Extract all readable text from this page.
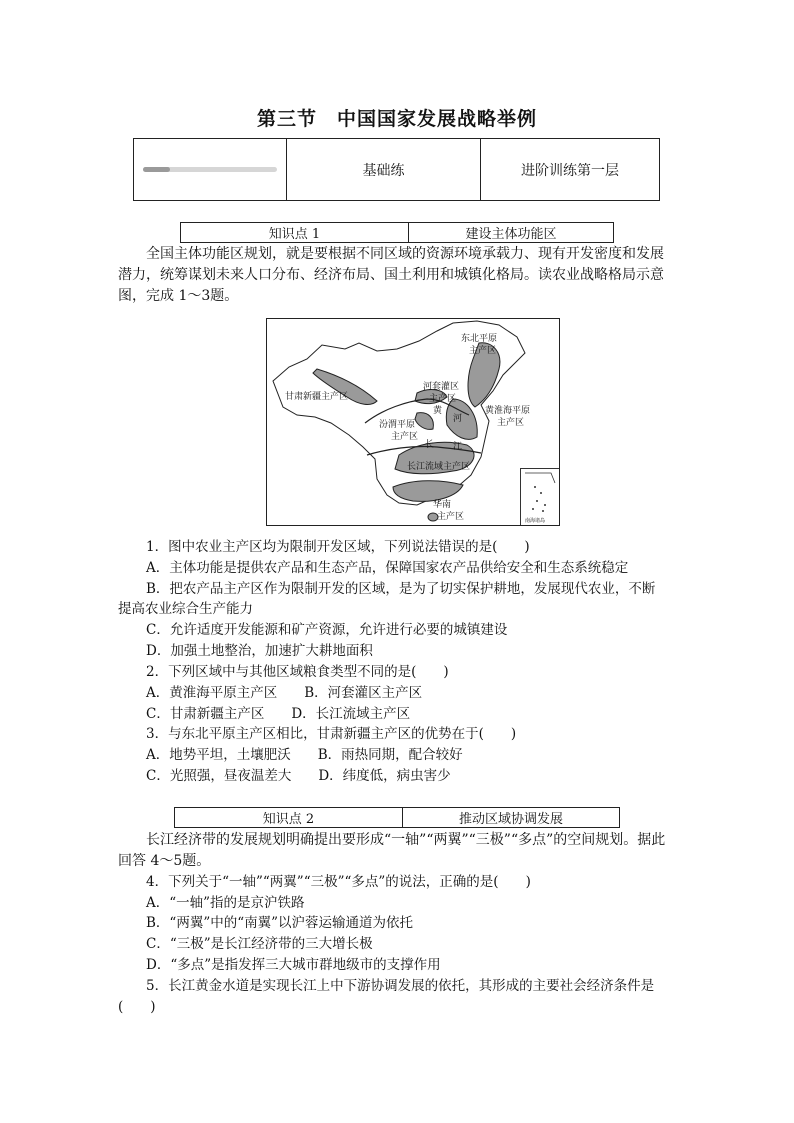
第三节 中国国家发展战略举例
	基础练	进阶训练第一层
知识点 1	建设主体功能区
全国主体功能区规划，就是要根据不同区域的资源环境承载力、现有开发密度和发展潜力，统筹谋划未来人口分布、经济布局、国土利用和城镇化格局。读农业战略格局示意图，完成 1～3题。
东北平原
主产区
河套灌区
主产区
甘肃新疆主产区
黄淮海平原
主产区
汾渭平原
主产区
黄
河
长 江
长江流域主产区
华南
主产区	南海诸岛
1．图中农业主产区均为限制开发区域，下列说法错误的是(　　)
A．主体功能是提供农产品和生态产品，保障国家农产品供给安全和生态系统稳定
B．把农产品主产区作为限制开发的区域，是为了切实保护耕地，发展现代农业，不断
提高农业综合生产能力
C．允许适度开发能源和矿产资源，允许进行必要的城镇建设
D．加强土地整治，加速扩大耕地面积
2．下列区域中与其他区域粮食类型不同的是(　　)
A．黄淮海平原主产区　　B．河套灌区主产区
C．甘肃新疆主产区　　D．长江流域主产区
3．与东北平原主产区相比，甘肃新疆主产区的优势在于(　　)
A．地势平坦，土壤肥沃　　B．雨热同期，配合较好
C．光照强，昼夜温差大　　D．纬度低，病虫害少
知识点 2	推动区域协调发展
长江经济带的发展规划明确提出要形成“一轴”“两翼”“三极”“多点”的空间规划。据此回答 4～5题。
4．下列关于“一轴”“两翼”“三极”“多点”的说法，正确的是(　　)
A．“一轴”指的是京沪铁路
B．“两翼”中的“南翼”以沪蓉运输通道为依托
C．“三极”是长江经济带的三大增长极
D．“多点”是指发挥三大城市群地级市的支撑作用
5．长江黄金水道是实现长江上中下游协调发展的依托，其形成的主要社会经济条件是
(　　)
